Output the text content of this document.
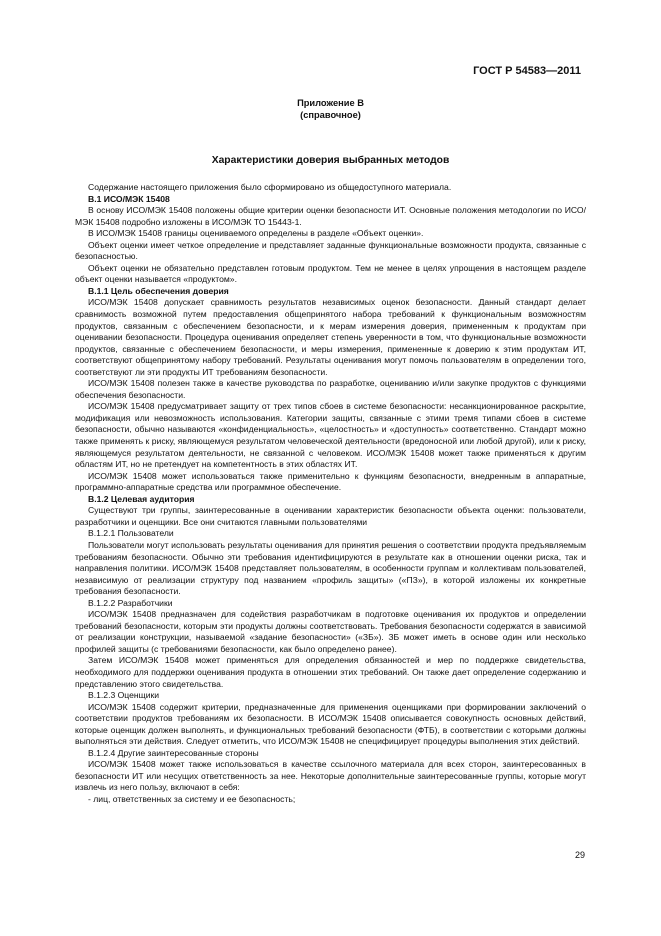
ГОСТ Р 54583—2011
Приложение В
(справочное)
Характеристики доверия выбранных методов

Содержание настоящего приложения было сформировано из общедоступного материала.

В.1 ИСО/МЭК 15408

В основу ИСО/МЭК 15408 положены общие критерии оценки безопасности ИТ. Основные положения методологии по ИСО/МЭК 15408 подробно изложены в ИСО/МЭК ТО 15443-1.

В ИСО/МЭК 15408 границы оцениваемого определены в разделе «Объект оценки».

Объект оценки имеет четкое определение и представляет заданные функциональные возможности продукта, связанные с безопасностью.

Объект оценки не обязательно представлен готовым продуктом. Тем не менее в целях упрощения в настоящем разделе объект оценки называется «продуктом».

В.1.1 Цель обеспечения доверия

ИСО/МЭК 15408 допускает сравнимость результатов независимых оценок безопасности. Данный стандарт делает сравнимость возможной путем предоставления общепринятого набора требований к функциональным возможностям продуктов, связанным с обеспечением безопасности, и к мерам измерения доверия, примененным к продуктам при оценивании безопасности. Процедура оценивания определяет степень уверенности в том, что функциональные возможности продуктов, связанные с обеспечением безопасности, и меры измерения, примененные к доверию к этим продуктам ИТ, соответствуют общепринятому набору требований. Результаты оценивания могут помочь пользователям в определении того, соответствуют ли эти продукты ИТ требованиям безопасности.

ИСО/МЭК 15408 полезен также в качестве руководства по разработке, оцениванию и/или закупке продуктов с функциями обеспечения безопасности.

ИСО/МЭК 15408 предусматривает защиту от трех типов сбоев в системе безопасности: несанкционированное раскрытие, модификация или невозможность использования. Категории защиты, связанные с этими тремя типами сбоев в системе безопасности, обычно называются «конфиденциальность», «целостность» и «доступность» соответственно. Стандарт можно также применять к риску, являющемуся результатом человеческой деятельности (вредоносной или любой другой), или к риску, являющемуся результатом деятельности, не связанной с человеком. ИСО/МЭК 15408 может также применяться к другим областям ИТ, но не претендует на компетентность в этих областях ИТ.

ИСО/МЭК 15408 может использоваться также применительно к функциям безопасности, внедренным в аппаратные, программно-аппаратные средства или программное обеспечение.

В.1.2 Целевая аудитория

Существуют три группы, заинтересованные в оценивании характеристик безопасности объекта оценки: пользователи, разработчики и оценщики. Все они считаются главными пользователями

В.1.2.1 Пользователи

Пользователи могут использовать результаты оценивания для принятия решения о соответствии продукта предъявляемым требованиям безопасности. Обычно эти требования идентифицируются в результате как в отношении оценки риска, так и направления политики. ИСО/МЭК 15408 представляет пользователям, в особенности группам и коллективам пользователей, независимую от реализации структуру под названием «профиль защиты» («ПЗ»), в которой изложены их конкретные требования безопасности.

В.1.2.2 Разработчики

ИСО/МЭК 15408 предназначен для содействия разработчикам в подготовке оценивания их продуктов и определении требований безопасности, которым эти продукты должны соответствовать. Требования безопасности содержатся в зависимой от реализации конструкции, называемой «задание безопасности» («ЗБ»). ЗБ может иметь в основе один или несколько профилей защиты (с требованиями безопасности, как было определено ранее).

Затем ИСО/МЭК 15408 может применяться для определения обязанностей и мер по поддержке свидетельства, необходимого для поддержки оценивания продукта в отношении этих требований. Он также дает определение содержанию и представлению этого свидетельства.

В.1.2.3 Оценщики

ИСО/МЭК 15408 содержит критерии, предназначенные для применения оценщиками при формировании заключений о соответствии продуктов требованиям их безопасности. В ИСО/МЭК 15408 описывается совокупность основных действий, которые оценщик должен выполнять, и функциональных требований безопасности (ФТБ), в соответствии с которыми должны выполняться эти действия. Следует отметить, что ИСО/МЭК 15408 не специфицирует процедуры выполнения этих действий.

В.1.2.4 Другие заинтересованные стороны

ИСО/МЭК 15408 может также использоваться в качестве ссылочного материала для всех сторон, заинтересованных в безопасности ИТ или несущих ответственность за нее. Некоторые дополнительные заинтересованные группы, которые могут извлечь из него пользу, включают в себя:

- лиц, ответственных за систему и ее безопасность;

29
